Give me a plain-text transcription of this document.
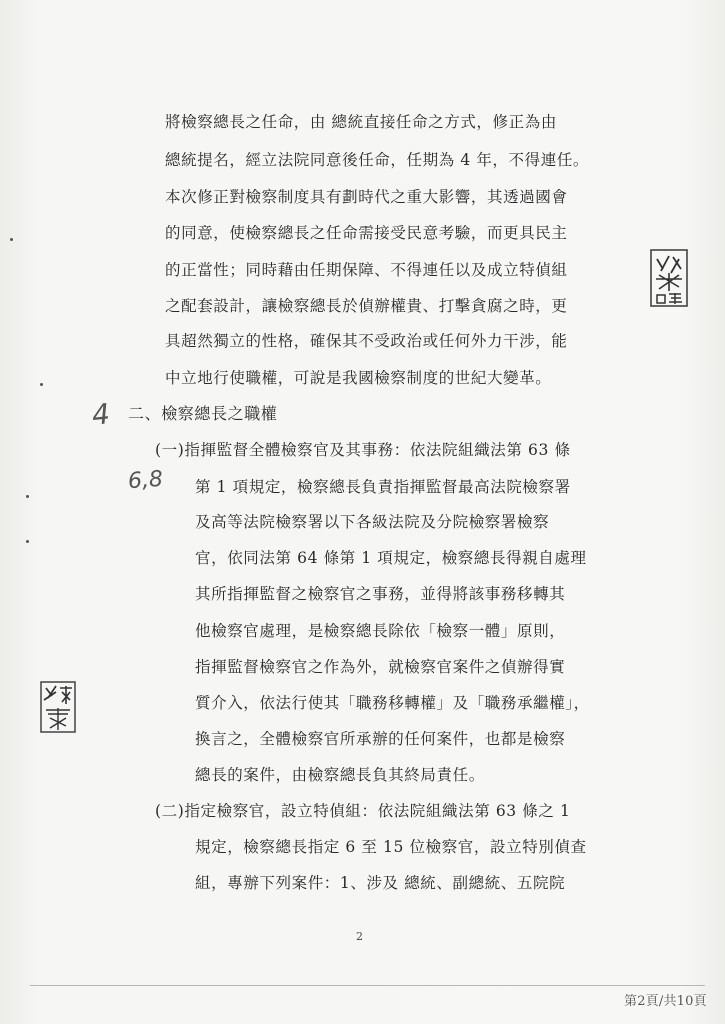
將檢察總長之任命，由 總統直接任命之方式，修正為由
總統提名，經立法院同意後任命，任期為 4 年，不得連任。
本次修正對檢察制度具有劃時代之重大影響，其透過國會
的同意，使檢察總長之任命需接受民意考驗，而更具民主
的正當性；同時藉由任期保障、不得連任以及成立特偵組
之配套設計，讓檢察總長於偵辦權貴、打擊貪腐之時，更
具超然獨立的性格，確保其不受政治或任何外力干涉，能
中立地行使職權，可說是我國檢察制度的世紀大變革。
二、檢察總長之職權
(一)指揮監督全體檢察官及其事務：依法院組織法第 63 條
第 1 項規定，檢察總長負責指揮監督最高法院檢察署
及高等法院檢察署以下各級法院及分院檢察署檢察
官，依同法第 64 條第 1 項規定，檢察總長得親自處理
其所指揮監督之檢察官之事務，並得將該事務移轉其
他檢察官處理，是檢察總長除依「檢察一體」原則，
指揮監督檢察官之作為外，就檢察官案件之偵辦得實
質介入，依法行使其「職務移轉權」及「職務承繼權」，
換言之，全體檢察官所承辦的任何案件，也都是檢察
總長的案件，由檢察總長負其終局責任。
(二)指定檢察官，設立特偵組：依法院組織法第 63 條之 1
規定，檢察總長指定 6 至 15 位檢察官，設立特別偵查
組，專辦下列案件：1、涉及 總統、副總統、五院院
4
6,8
2
第2頁/共10頁
